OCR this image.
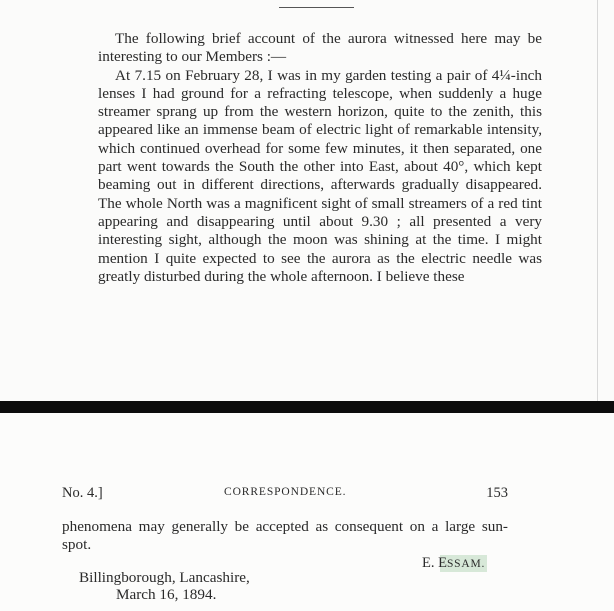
The following brief account of the aurora witnessed here may be interesting to our Members :—

At 7.15 on February 28, I was in my garden testing a pair of 4¼-inch lenses I had ground for a refracting telescope, when suddenly a huge streamer sprang up from the western horizon, quite to the zenith, this appeared like an immense beam of electric light of remarkable intensity, which continued overhead for some few minutes, it then separated, one part went towards the South the other into East, about 40°, which kept beaming out in different directions, afterwards gradually disappeared. The whole North was a magnificent sight of small streamers of a red tint appearing and disappearing until about 9.30 ; all presented a very interesting sight, although the moon was shining at the time. I might mention I quite expected to see the aurora as the electric needle was greatly disturbed during the whole afternoon. I believe these

No. 4.]	CORRESPONDENCE.	153

phenomena may generally be accepted as consequent on a large sun-spot.

E. ESSAM.
Billingborough, Lancashire,
March 16, 1894.
